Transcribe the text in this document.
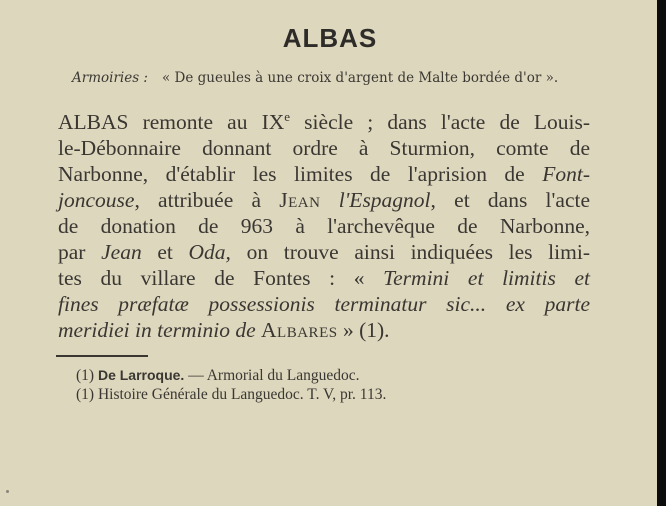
ALBAS
Armoiries : « De gueules à une croix d'argent de Malte bordée d'or ».
ALBAS remonte au IXe siècle ; dans l'acte de Louis-
le-Débonnaire donnant ordre à Sturmion, comte de
Narbonne, d'établir les limites de l'aprision de Font-
joncouse, attribuée à Jean l'Espagnol, et dans l'acte
de donation de 963 à l'archevêque de Narbonne,
par Jean et Oda, on trouve ainsi indiquées les limi-
tes du villare de Fontes : « Termini et limitis et
fines præfatæ possessionis terminatur sic... ex parte
meridiei in terminio de Albares » (1).
(1) De Larroque. — Armorial du Languedoc.
(1) Histoire Générale du Languedoc. T. V, pr. 113.
